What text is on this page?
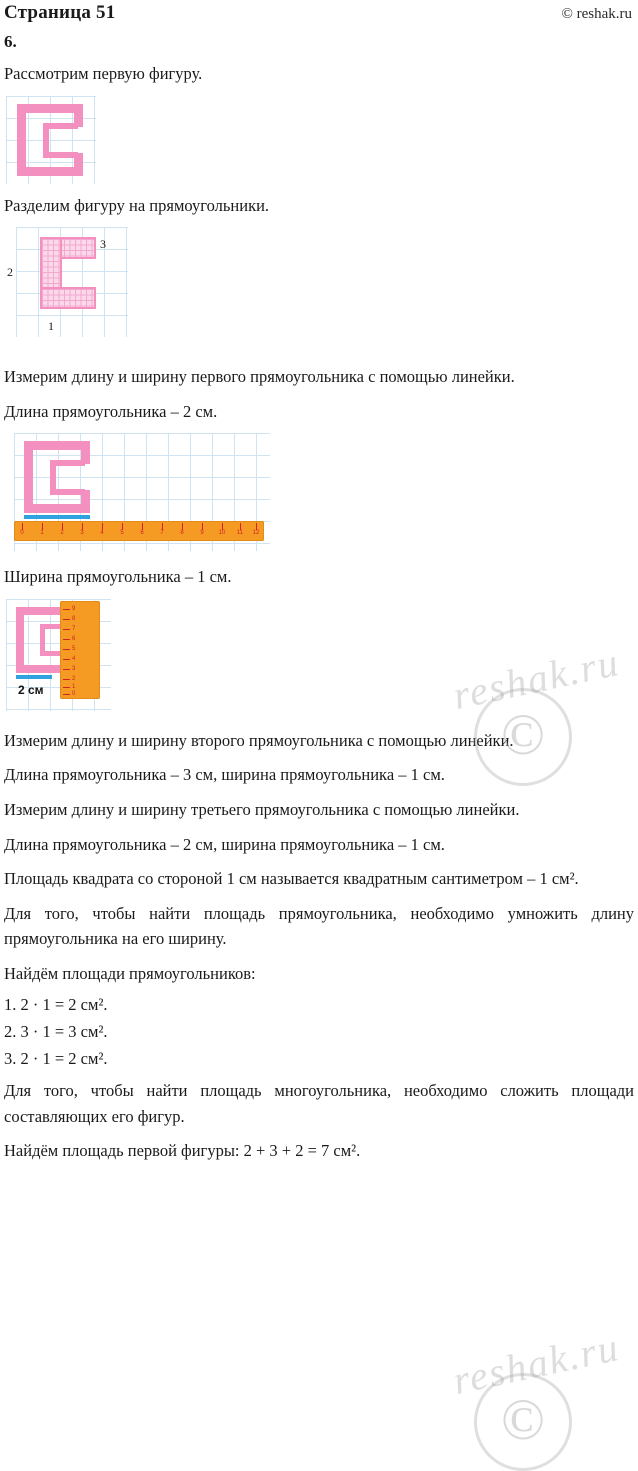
Страница 51	© reshak.ru
6.

Рассмотрим первую фигуру.

Разделим фигуру на прямоугольники.

3
2
1

Измерим длину и ширину первого прямоугольника с помощью линейки.

Длина прямоугольника – 2 см.

0	1	2	3	4	5	6	7	8	9 10 11 12

Ширина прямоугольника – 1 см.

9
8
7
6
5
4
3
2
1
0
2 см

Измерим длину и ширину второго прямоугольника с помощью линейки.

Длина прямоугольника – 3 см, ширина прямоугольника – 1 см.

Измерим длину и ширину третьего прямоугольника с помощью линейки.

Длина прямоугольника – 2 см, ширина прямоугольника – 1 см.

Площадь квадрата со стороной 1 см называется квадратным сантиметром – 1 см².

Для того, чтобы найти площадь прямоугольника, необходимо умножить длину прямоугольника на его ширину.

Найдём площади прямоугольников:

1. 2 · 1 = 2 см².
2. 3 · 1 = 3 см².
3. 2 · 1 = 2 см².

Для того, чтобы найти площадь многоугольника, необходимо сложить площади составляющих его фигур.

Найдём площадь первой фигуры: 2 + 3 + 2 = 7 см².

reshak.ru
©
reshak.ru
©
